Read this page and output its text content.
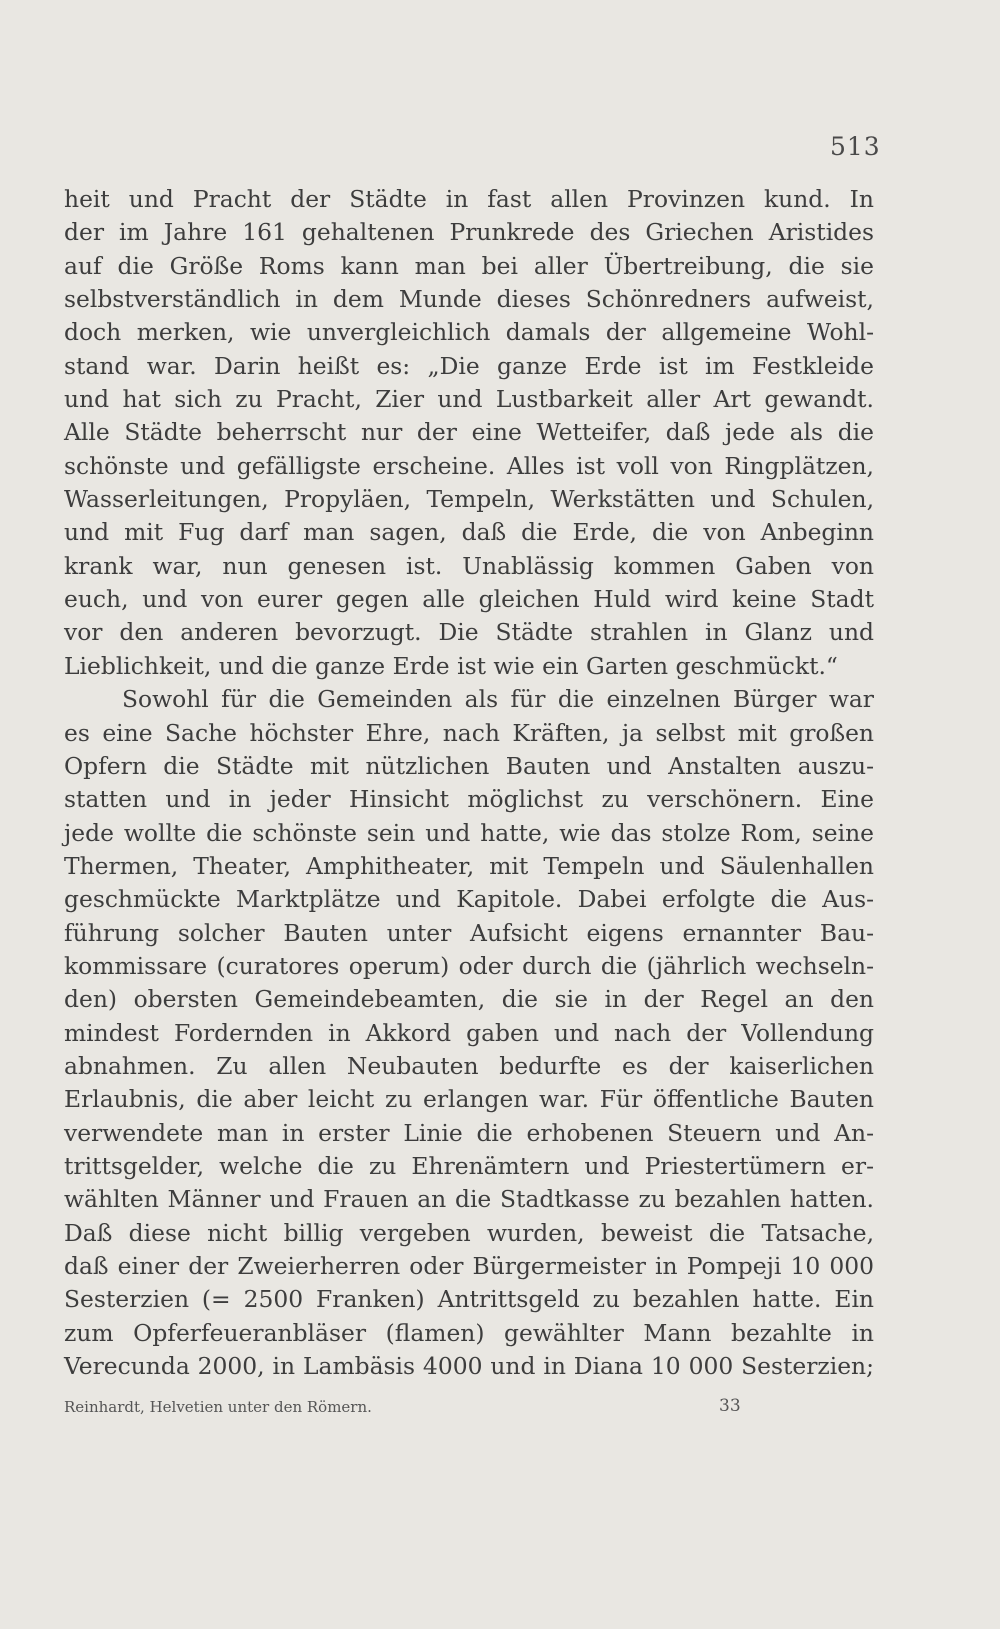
513
heit und Pracht der Städte in fast allen Provinzen kund. In
der im Jahre 161 gehaltenen Prunkrede des Griechen Aristides
auf die Größe Roms kann man bei aller Übertreibung, die sie
selbstverständlich in dem Munde dieses Schönredners aufweist,
doch merken, wie unvergleichlich damals der allgemeine Wohl-
stand war. Darin heißt es: „Die ganze Erde ist im Festkleide
und hat sich zu Pracht, Zier und Lustbarkeit aller Art gewandt.
Alle Städte beherrscht nur der eine Wetteifer, daß jede als die
schönste und gefälligste erscheine. Alles ist voll von Ringplätzen,
Wasserleitungen, Propyläen, Tempeln, Werkstätten und Schulen,
und mit Fug darf man sagen, daß die Erde, die von Anbeginn
krank war, nun genesen ist. Unablässig kommen Gaben von
euch, und von eurer gegen alle gleichen Huld wird keine Stadt
vor den anderen bevorzugt. Die Städte strahlen in Glanz und
Lieblichkeit, und die ganze Erde ist wie ein Garten geschmückt.“
Sowohl für die Gemeinden als für die einzelnen Bürger war
es eine Sache höchster Ehre, nach Kräften, ja selbst mit großen
Opfern die Städte mit nützlichen Bauten und Anstalten auszu-
statten und in jeder Hinsicht möglichst zu verschönern. Eine
jede wollte die schönste sein und hatte, wie das stolze Rom, seine
Thermen, Theater, Amphitheater, mit Tempeln und Säulenhallen
geschmückte Marktplätze und Kapitole. Dabei erfolgte die Aus-
führung solcher Bauten unter Aufsicht eigens ernannter Bau-
kommissare (curatores operum) oder durch die (jährlich wechseln-
den) obersten Gemeindebeamten, die sie in der Regel an den
mindest Fordernden in Akkord gaben und nach der Vollendung
abnahmen. Zu allen Neubauten bedurfte es der kaiserlichen
Erlaubnis, die aber leicht zu erlangen war. Für öffentliche Bauten
verwendete man in erster Linie die erhobenen Steuern und An-
trittsgelder, welche die zu Ehrenämtern und Priestertümern er-
wählten Männer und Frauen an die Stadtkasse zu bezahlen hatten.
Daß diese nicht billig vergeben wurden, beweist die Tatsache,
daß einer der Zweierherren oder Bürgermeister in Pompeji 10 000
Sesterzien (= 2500 Franken) Antrittsgeld zu bezahlen hatte. Ein
zum Opferfeueranbläser (flamen) gewählter Mann bezahlte in
Verecunda 2000, in Lambäsis 4000 und in Diana 10 000 Sesterzien;
Reinhardt, Helvetien unter den Römern.	33
